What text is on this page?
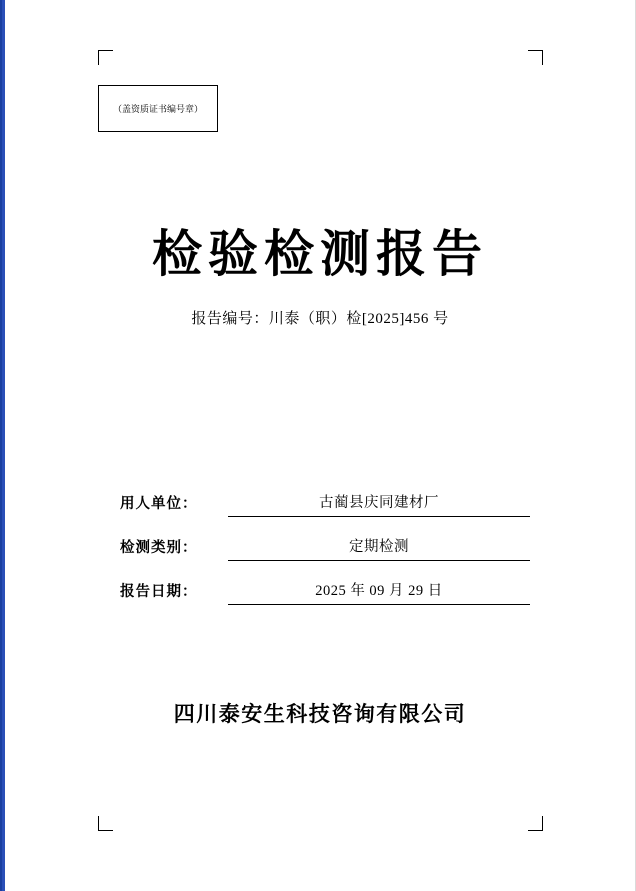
（盖资质证书编号章）
检验检测报告
报告编号：川泰（职）检[2025]456 号
用人单位：	古蔺县庆同建材厂
检测类别：	定期检测
报告日期：	2025 年 09 月 29 日
四川泰安生科技咨询有限公司
